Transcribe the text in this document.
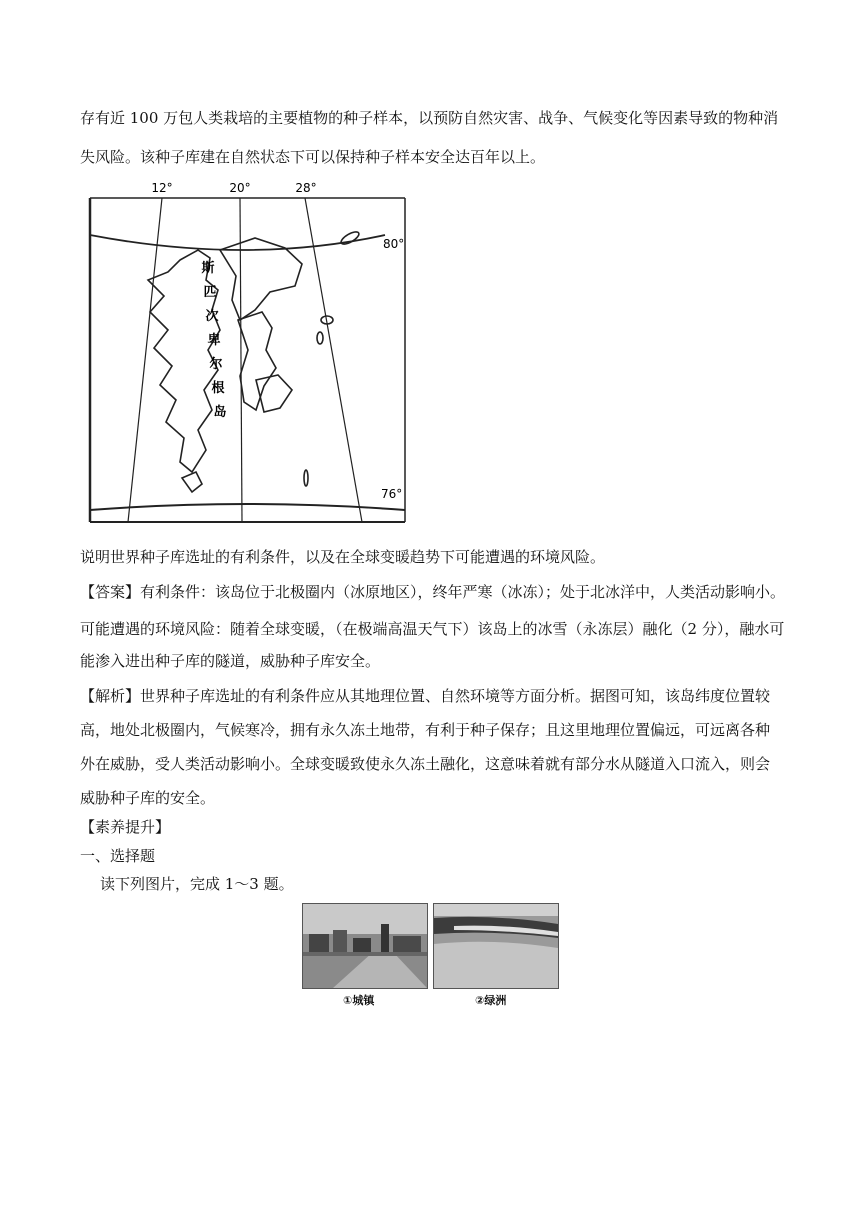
存有近 100 万包人类栽培的主要植物的种子样本，以预防自然灾害、战争、气候变化等因素导致的物种消
失风险。该种子库建在自然状态下可以保持种子样本安全达百年以上。
12°	20°	28°
80°
76°
斯
匹
次
卑
尔
根
岛
说明世界种子库选址的有利条件，以及在全球变暖趋势下可能遭遇的环境风险。
【答案】有利条件：该岛位于北极圈内（冰原地区），终年严寒（冰冻）；处于北冰洋中，人类活动影响小。
可能遭遇的环境风险：随着全球变暖，（在极端高温天气下）该岛上的冰雪（永冻层）融化（2 分），融水可
能渗入进出种子库的隧道，威胁种子库安全。
【解析】世界种子库选址的有利条件应从其地理位置、自然环境等方面分析。据图可知，该岛纬度位置较
高，地处北极圈内，气候寒冷，拥有永久冻土地带，有利于种子保存；且这里地理位置偏远，可远离各种
外在威胁，受人类活动影响小。全球变暖致使永久冻土融化，这意味着就有部分水从隧道入口流入，则会
威胁种子库的安全。
【素养提升】
一、选择题
读下列图片，完成 1～3 题。
①城镇	②绿洲
